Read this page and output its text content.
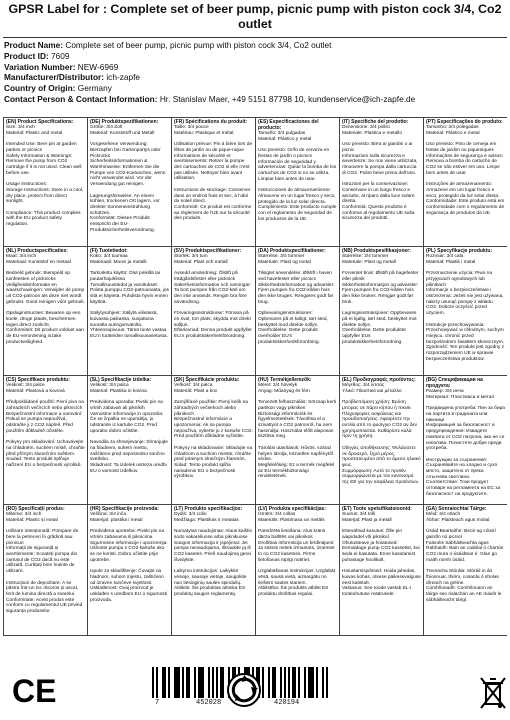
GPSR Label for : Complete set of beer pump, picnic pump with piston cock 3/4, Co2 outlet
Product Name: Complete set of beer pump, picnic pump with piston cock 3/4, Co2 outlet
Product ID: 7609
Variation Number: NEW-6969
Manufacturer/Distributor: ich-zapfe
Country of Origin: Germany
Contact Person & Contact Information: Hr. Stanislav Maer, +49 5151 87798 10, kundenservice@ich-zapfe.de
(EN) Product Specifications:
Size: 3/4 inch
Material: Plastic and metal

Intended Use: Beer pin at garden parties or picnics
Safety Information & Warnings: Remove the pump from CO2 cartridge if it is not used. Clean well before use.

Usage Instructions:
Storage Instructions: Store in a cool, dry place, protect from direct sunlight.

Compliance: This product complies with the EU product safety regulation.
(DE) Produktspezifikationen:
Größe: 3/4 Zoll
Material: Kunststoff und Metall

Vorgesehene Verwendung: Bierzapfen bei Gartenpartys oder Picknicks
Sicherheitsinformationen & Warnhinweise: Entfernen Sie die Pumpe von CO2-Kartuschen, wenn nicht verwendet wird. Vor der Verwendung gut reinigen.

Lagerungshinweise: An einem kühlen, trockenen Ort lagern, vor direkter Sonneneinstrahlung schützen.
Konformität: Dieses Produkt entspricht der EU-Produktsicherheitsverordnung.
(FR) Spécifications du produit:
Taille: 3/4 pouce
Matériau: Plastique et métal

Utilisation prévue: Pin à bière lors de fêtes de jardin ou de pique-nique
Informations de sécurité et avertissements: Retirer la pompe des cartouches de CO2 si elle n'est pas utilisée. Nettoyer bien avant utilisation.

Instructions de stockage: Conserver dans un endroit frais et sec, à l'abri du soleil direct.
Conformité: Ce produit est conforme au règlement de l'UE sur la sécurité des produits.
(ES) Especificaciones del producto:
Tamaño: 3/4 pulgadas
Material: Plástico y metal

Uso previsto: Grifo de cerveza en fiestas de jardín o picnics
Información de seguridad y advertencias: Quitar la bomba de los cartuchos de CO2 si no se utiliza. Limpiar bien antes de usar.

Instrucciones de almacenamiento: Almacene en un lugar fresco y seco, protegido de la luz solar directa.
Cumplimiento: Este producto cumple con el reglamento de seguridad de los productos de la UE.
(IT) Specifiche del prodotto:
Dimensione: 3/4 pollici
Materiale: Plastica e metallo

Uso previsto: Birra ai giardini o ai picnic
Informazioni sulla sicurezza e avvertenze: Se non viene utilizzata, rimuovere la pompa dalla cartuccia di CO2. Pulire bene prima dell'uso.

Istruzioni per la conservazione: Conservare in un luogo fresco e asciutto, al riparo dalla luce solare diretta.
Conformità: Questo prodotto è conforme al regolamento UE sulla sicurezza dei prodotti.
(PT) Especificações do produto:
Tamanho: 3/4 polegadas
Material: Plástico e metal

Uso previsto: Pino de cerveja em festas de jardim ou piqueniques
Informações de segurança e avisos: Remova a bomba do cartucho de CO2 se não estiver em uso. Limpe bem antes de usar.

Instruções de armazenamento: Armazene em um lugar fresco e seco, protegido da luz solar direta.
Conformidade: Este produto está em conformidade com o regulamento de segurança de produtos da UE.
(NL) Productspecificaties:
Maat: 3/4 inch
Materiaal: Kunststof en metaal

Bedoeld gebruik: Bierspeld op tuinfeesten of picknicks
Veiligheidsinformatie en waarschuwingen: Verwijder de pomp uit CO2-patroon als deze niet wordt gebruikt. Goed reinigen vóór gebruik.

Opslaginstructies: Bewaren op een koele, droge plaats, beschermen tegen direct zonlicht.
Conformiteit: Dit product voldoet aan de EU-verordening inzake productveiligheid.
(FI) Tuotetiedot:
Koko: 3/4 tuumaa
Materiaali: Muovi ja metalli

Tarkoitettu käyttö: Olut pinkillä tai puutarhajuhlissa
Turvallisuustiedot ja varoitukset: Poista pumppu CO2-patruunasta, jos sitä ei käytetä. Puhdista hyvin ennen käyttöä.

Säilytysohjeet: Säilytä viileässä, kuivassa paikassa, suojattuna suoralta auringonvalolta.
Yhteensopivuus: Tämä tuote vastaa EU:n tuotteiden turvallisuusasetusta.
(SV) Produktspecifikationer:
Storlek: 3/4 tum
Material: Plast och metall

Avsedd användning: Ölstift på trädgårdsfester eller picknick
Säkerhetsinformation och varningar: Ta bort pumpen från CO2-kärl om den inte används. Rengör bra före användning.

Förvaringsinstruktioner: Förvara på en sval, torr plats, skydda mot direkt solljus.
Efterlevnad: Denna produkt uppfyller EU:s produktsäkerhetsförordning.
(DA) Produktspecifikationer:
Størrelse: 3/4 tommer
Materiale: Plast og metal

Tilsigtet anvendelse: Ølstift i haven ved havefester eller picnics
Sikkerhedsinformation og advarsler: Fjern pumpen fra CO2-kilden hvis den ikke bruges. Rengøres godt før brug.

Opbevaringsinstruktioner: Opbevares på et køligt, tørt sted, beskyttet mod direkte sollys.
Overholdelse: Dette produkt overholder EU's produktsikkerhedsforordning.
(NB) Produktspesifikasjoner:
Størrelse: 3/4 tommer
Materiale: Plast og metall

Forventet bruk: Ølstift på hagefester eller piknik
Sikkerhetsinformasjon og advarsler: Fjern pumpen fra CO2-kilden hvis den ikke brukes. Rengjør godt før bruk.

Lagringsinstruksjoner: Oppbevares på et kjølig, tørt sted, beskyttet mot direkte sollys.
Overholdelse: Dette produktet oppfyller EUs produktsikkerhetsforordning.
(PL) Specyfikacje produktu:
Rozmiar: 3/4 cala
Materiał: Plastik i metal

Przeznaczenie użycia: Piwo na przyjęciach ogrodowych lub piknikach
Informacje o bezpieczeństwie i ostrzeżenia: Jeżeli nie jest używana, należy usunąć pompę z wkładu CO2. Dobrze oczyścić przed użyciem.

Instrukcje przechowywania: Przechowywać w chłodnym, suchym miejscu, chronić przed bezpośrednim światłem słonecznym.
Zgodność: Ten produkt jest zgodny z rozporządzeniem UE w sprawie bezpieczeństwa produktów.
(CS) Specifikace produktu:
Velikost: 3/4 palce
Materiál: Plastová a kovová

Předpokládané použití: Pivní pivo na zahradních večírcích nebo piknicích
Bezpečnostní informace a varování: Pokud se pumpa nepoužívá, odstraňte ji z CO2 náplně. Před použitím důkladně očistěte.

Pokyny pro skladování: Uchovávejte na chladném, suchém místě, chraňte před přímým slunečním světlem.
Soulad: Tento produkt splňuje nařízení EU o bezpečnosti výrobků.
(SL) Specifikacije izdelka:
Velikost: 3/4 palca
Material: Plastika in kovina

Predvidena uporaba: Pivski pin na vrtnih zabavah ali piknikih
Varnostne informacije in opozorila: Če se črpalka ne uporablja, jo odstranite iz kartuše CO2. Pred uporabo dobro očistite.

Navodila za shranjevanje: Shranjujte na hladnem, suhem mestu, zaščiteno pred neposredno sončno svetlobo.
Skladnost: Ta izdelek ustreza uredbi EU o varnosti izdelkov.
(SK) Špecifikácie produktu:
Veľkosť: 3/4 palca
Materiál: Plast a kov

Zamýšľané použitie: Pivný kolík na záhradných večierkoch alebo piknikoch
Bezpečnostné informácie a upozornenia: Ak sa pumpa nepoužíva, vyberte ju z kartuše CO2. Pred použitím dôkladne vyčistite.

Pokyny na skladovanie: Skladujte na chladnom a suchom mieste, chráňte pred priamym slnečným žiarením.
Súlad: Tento produkt spĺňa nariadenie EÚ o bezpečnosti výrobkov.
(HU) Termékjellemzők:
Méret: 3/4 hüvelyk
Anyag: Műanyag és fém

Tervezett felhasználás: Sörcsap kerti partikon vagy pikniken
Biztonsági információk és figyelmeztetések: Távolítsa el a szivattyút a CO2 patronról, ha nem használja. Használat előtt alaposan tisztítsa meg.

Tárolási utasítások: Hűvös, száraz helyen tárolja, közvetlen napfénytől védve.
Megfelelőség: Ez a termék megfelel az EU termékbiztonsági rendeletének.
(EL) Προδιαγραφές προϊόντος:
Μέγεθος: 3/4 ίντσας
Υλικό: Πλαστικό και μέταλλο

Προβλεπόμενη χρήση: Βρύση μπύρας σε πάρτι κήπου ή πικνίκ
Πληροφορίες ασφάλειας και προειδοποιήσεις: Αφαιρέστε την αντλία από το φυσίγγιο CO2 αν δεν χρησιμοποιείται. Καθαρίστε καλά πριν τη χρήση.

Οδηγίες αποθήκευσης: Φυλάσσετε σε δροσερό, ξηρό μέρος, προστατευμένο από το άμεσο ηλιακό φως.
Συμμόρφωση: Αυτό το προϊόν συμμορφώνεται με τον κανονισμό της ΕΕ για την ασφάλεια προϊόντων.
(BG) Спецификации на продукта:
Размер: 3/4 инча
Материал: Пластмаса и метал

Предвидена употреба: Пин за бира на партита в градината или пикници
Информация за безопасност и предупреждения: Извадете помпата от CO2 патрона, ако не се използва. Почистете добре преди употреба.

Инструкции за съхранение: Съхранявайте на хладно и сухо място, защитено от пряка слънчева светлина.
Съответствие: Този продукт отговаря на регламента на ЕС за безопасност на продуктите.
(RO) Specificații produs:
Mărime: 3/4 inch
Material: Plastic și metal

Utilizare intenționată: Pompare de bere la petreceri în grădină sau picnicuri
Informații de siguranță și avertismente: Scoateți pompa din cartușul de CO2 dacă nu este utilizată. Curățați bine înainte de utilizare.

Instrucțiuni de depozitare: A se păstra într-un loc răcoros și uscat, ferit de lumina directă a soarelui.
Conformitate: Acest produs este conform cu regulamentul UE privind siguranța produselor.
(HR) Specifikacije proizvoda:
Veličina: 3/4 inča
Materijal: plastika i metal

Predviđena upotreba: Pivski pin na vrtnim zabavama ili piknicima
Sigurnosne informacije i upozorenja: Uklonite pumpu s CO2 kartuše ako se ne koristi. Dobro očistite prije upotrebe.

Upute za skladištenje: Čuvajte na hladnom, suhom mjestu, zaštićeno od izravne sunčeve svjetlosti.
Usklađenost: Ovaj proizvod je usklađen s uredbom EU o sigurnosti proizvoda.
(LT) Produkto specifikacijos:
Dydis: 3/4 colio
Medžiaga: Plastikas ir metalas

Numatytas naudojimas: Alaus kaištis sodo vakarėliuose arba piknikuose
Saugos informacija ir įspėjimai: Jei pompa nenaudojama, ištraukite ją iš CO2 kasetės. Prieš naudojimą gerai išvalykite.

Laikymo instrukcijos: Laikykite vėsioje, sausoje vietoje, saugokite nuo tiesioginių saulės spindulių.
Atitiktis: Šis produktas atitinka ES produktų saugos reglamentą.
(LV) Produkta specifikācijas:
Izmērs: 3/4 collas
Materiāls: Plastmasa un metāls

Paredzētā lietošana: Alus krāns dārza ballītēs vai piknikos
Drošības informācija un brīdinājumi: Ja sūknis netiek izmantots, izņemiet to no CO2 kasetnes. Pirms lietošanas rūpīgi notīriet.

Uzglabāšanas instrukcijas: Uzglabāt vēsā, sausā vietā, aizsargātu no tiešiem saules stariem.
Atbilstība: Šis produkts atbilst ES produktu drošības regulai.
(ET) Toote spetsifikatsioonid:
Suurus: 3/4 tolli
Materjal: Plast ja metall

Ettenähtud kasutus: Õlle pin aiapidudel või piknikul
Ohutusteave ja hoiatused: Eemaldage pump CO2 kassetist, kui seda ei kasutata. Enne kasutamist puhastage hoolikalt.

Hoiustamisjuhised: Hoida jahedas, kuivas kohas, otsese päikesevalguse eest kaitstult.
Vastavus: See toode vastab EL-i tooteohutuse määrusele.
(GA) Sonraíochtaí Táirge:
Méid: 3/4 orlach
Ábhar: Plaisteach agus miotal

Úsáid Beartaithe: Beoir ag cóisirí gairdín nó picnicí
Faisnéis Sábháilteachta agus Rabhaidh: Bain an caidéal ó chartús CO2 mura n-úsáidtear é. Glan go maith roimh úsáid.

Treoracha Stórála: Stóráil in áit fhionnuar, thirim, cosanta ó sholas díreach na gréine.
Comhlíonadh: Comhlíonann an táirge seo rialachán an AE maidir le sábháilteacht táirgí.
7	452028	420194
CE
